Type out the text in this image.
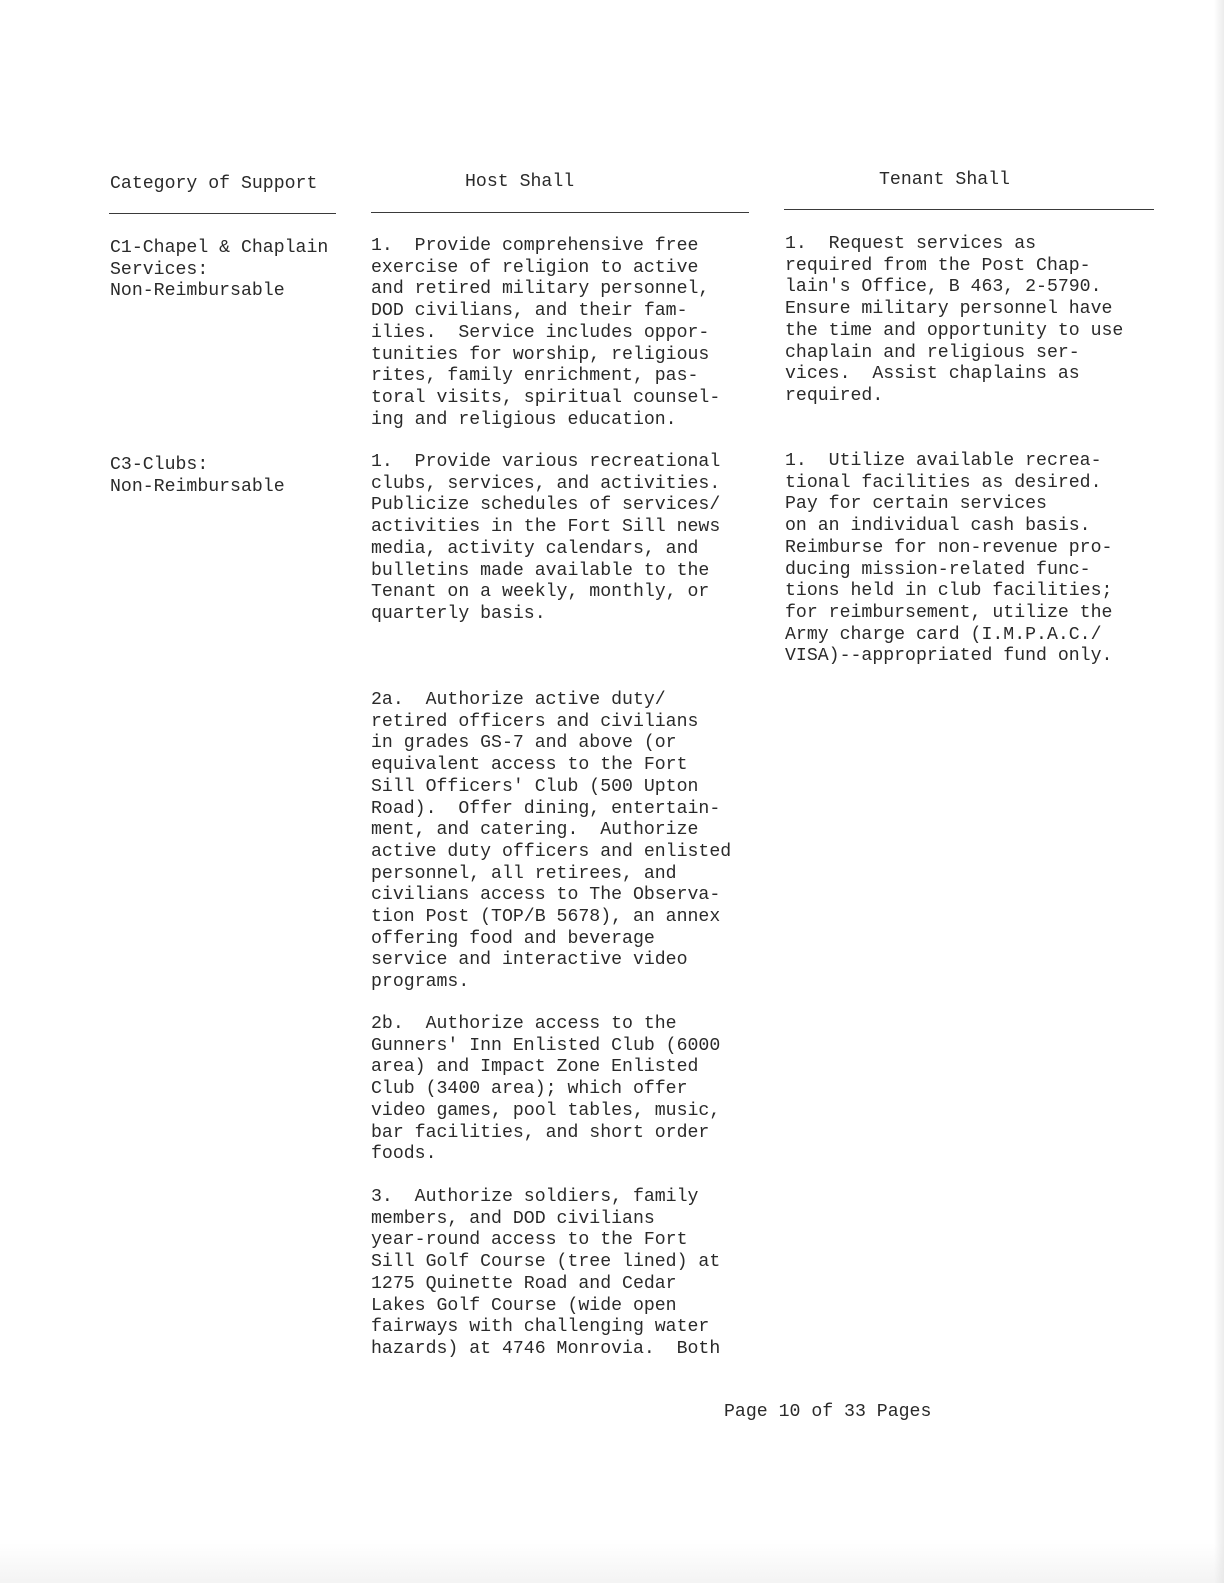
Category of Support	Host Shall	Tenant Shall
C1-Chapel & Chaplain
Services:
Non-Reimbursable
1.  Provide comprehensive free
exercise of religion to active
and retired military personnel,
DOD civilians, and their fam-
ilies.  Service includes oppor-
tunities for worship, religious
rites, family enrichment, pas-
toral visits, spiritual counsel-
ing and religious education.
1.  Request services as
required from the Post Chap-
lain's Office, B 463, 2-5790.
Ensure military personnel have
the time and opportunity to use
chaplain and religious ser-
vices.  Assist chaplains as
required.
C3-Clubs:
Non-Reimbursable
1.  Provide various recreational
clubs, services, and activities.
Publicize schedules of services/
activities in the Fort Sill news
media, activity calendars, and
bulletins made available to the
Tenant on a weekly, monthly, or
quarterly basis.
1.  Utilize available recrea-
tional facilities as desired.
Pay for certain services
on an individual cash basis.
Reimburse for non-revenue pro-
ducing mission-related func-
tions held in club facilities;
for reimbursement, utilize the
Army charge card (I.M.P.A.C./
VISA)--appropriated fund only.
2a.  Authorize active duty/
retired officers and civilians
in grades GS-7 and above (or
equivalent access to the Fort
Sill Officers' Club (500 Upton
Road).  Offer dining, entertain-
ment, and catering.  Authorize
active duty officers and enlisted
personnel, all retirees, and
civilians access to The Observa-
tion Post (TOP/B 5678), an annex
offering food and beverage
service and interactive video
programs.
2b.  Authorize access to the
Gunners' Inn Enlisted Club (6000
area) and Impact Zone Enlisted
Club (3400 area); which offer
video games, pool tables, music,
bar facilities, and short order
foods.
3.  Authorize soldiers, family
members, and DOD civilians
year-round access to the Fort
Sill Golf Course (tree lined) at
1275 Quinette Road and Cedar
Lakes Golf Course (wide open
fairways with challenging water
hazards) at 4746 Monrovia.  Both
Page 10 of 33 Pages
